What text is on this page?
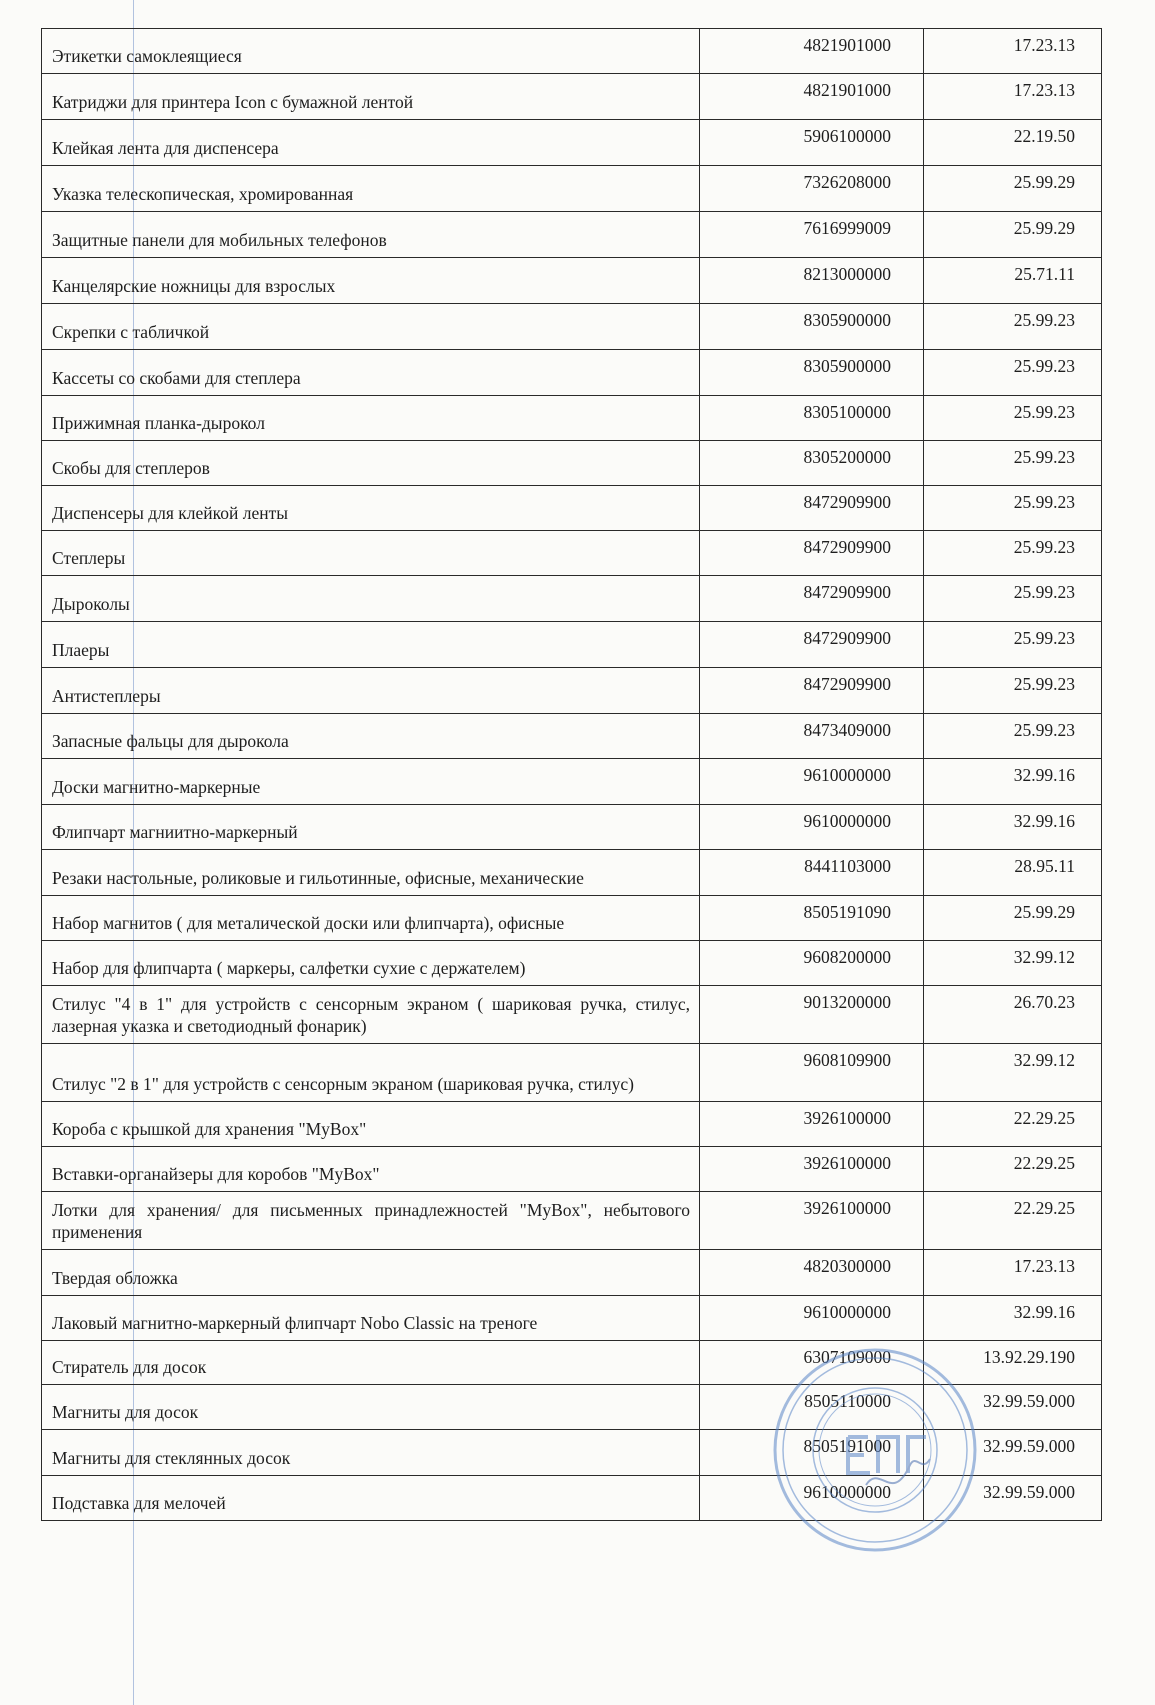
Этикетки самоклеящиеся	4821901000	17.23.13
Катриджи для принтера Icon с бумажной лентой	4821901000	17.23.13
Клейкая лента для диспенсера	5906100000	22.19.50
Указка телескопическая, хромированная	7326208000	25.99.29
Защитные панели для мобильных телефонов	7616999009	25.99.29
Канцелярские ножницы для взрослых	8213000000	25.71.11
Скрепки с табличкой	8305900000	25.99.23
Кассеты со скобами для степлера	8305900000	25.99.23
Прижимная планка-дырокол	8305100000	25.99.23
Скобы для степлеров	8305200000	25.99.23
Диспенсеры для клейкой ленты	8472909900	25.99.23
Степлеры	8472909900	25.99.23
Дыроколы	8472909900	25.99.23
Плаеры	8472909900	25.99.23
Антистеплеры	8472909900	25.99.23
Запасные фальцы для дырокола	8473409000	25.99.23
Доски магнитно-маркерные	9610000000	32.99.16
Флипчарт магниитно-маркерный	9610000000	32.99.16
Резаки настольные, роликовые и гильотинные, офисные, механические	8441103000	28.95.11
Набор магнитов ( для металической доски или флипчарта), офисные	8505191090	25.99.29
Набор для флипчарта ( маркеры, салфетки сухие с держателем)	9608200000	32.99.12
Стилус "4 в 1" для устройств с сенсорным экраном ( шариковая ручка, стилус, лазерная указка и светодиодный фонарик)	9013200000	26.70.23
Стилус "2 в 1" для устройств с сенсорным экраном (шариковая ручка, стилус)	9608109900	32.99.12
Короба с крышкой для хранения "MyBox"	3926100000	22.29.25
Вставки-органайзеры для коробов "MyBox"	3926100000	22.29.25
Лотки для хранения/ для письменных принадлежностей "MyBox", небытового применения	3926100000	22.29.25
Твердая обложка	4820300000	17.23.13
Лаковый магнитно-маркерный флипчарт Nobo Classic на треноге	9610000000	32.99.16
Стиратель для досок	6307109000	13.92.29.190
Магниты для досок	8505110000	32.99.59.000
Магниты для стеклянных досок	8505191000	32.99.59.000
Подставка для мелочей	9610000000	32.99.59.000
